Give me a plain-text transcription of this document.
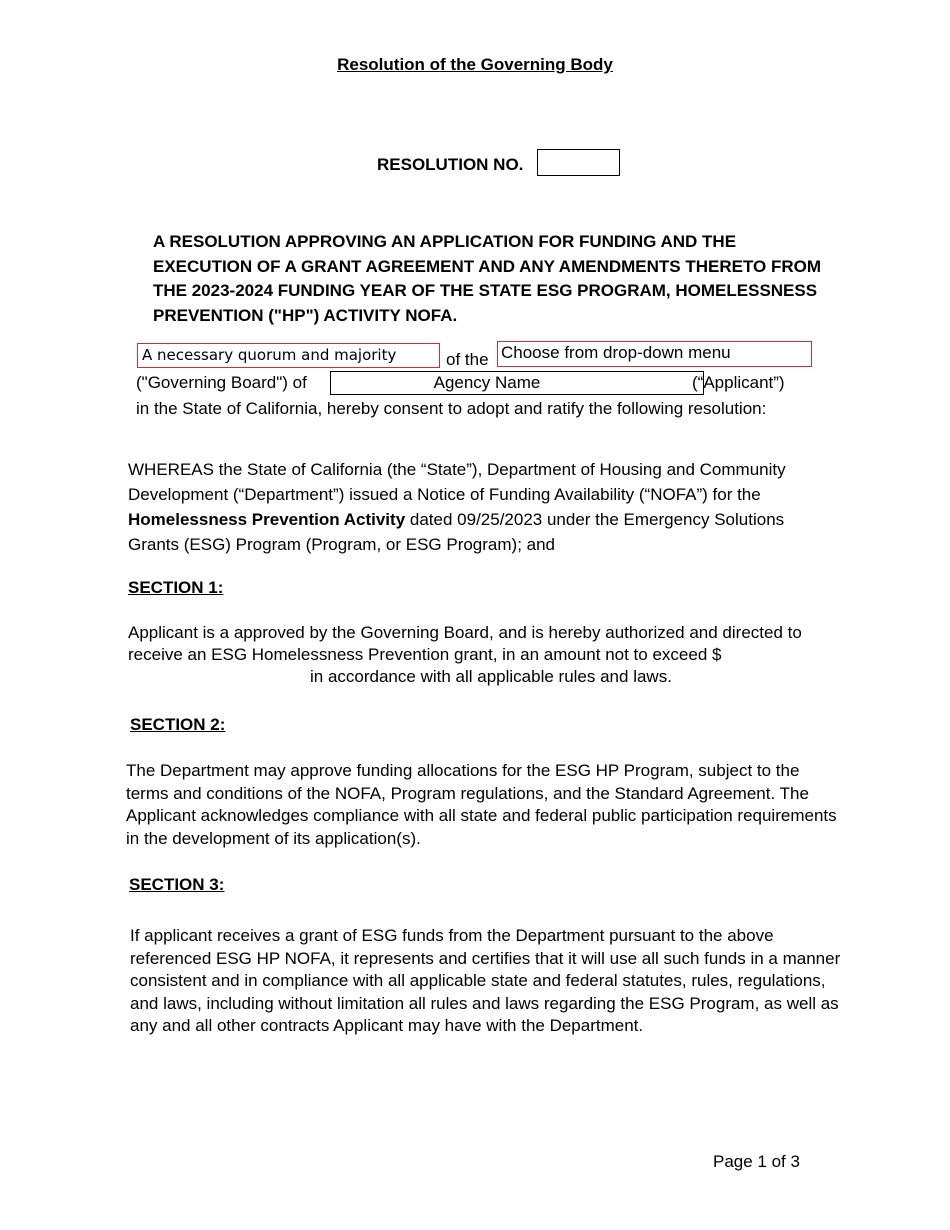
Resolution of the Governing Body
RESOLUTION NO.
A RESOLUTION APPROVING AN APPLICATION FOR FUNDING AND THE EXECUTION OF A GRANT AGREEMENT AND ANY AMENDMENTS THERETO FROM THE 2023-2024 FUNDING YEAR OF THE STATE ESG PROGRAM, HOMELESSNESS PREVENTION ("HP") ACTIVITY NOFA.
A necessary quorum and majority	of the Choose from drop-down menu
("Governing Board") of	Agency Name	(“Applicant”)
in the State of California, hereby consent to adopt and ratify the following resolution:
WHEREAS the State of California (the “State”), Department of Housing and Community Development (“Department”) issued a Notice of Funding Availability (“NOFA”) for the Homelessness Prevention Activity dated 09/25/2023 under the Emergency Solutions Grants (ESG) Program (Program, or ESG Program); and
SECTION 1:
Applicant is a approved by the Governing Board, and is hereby authorized and directed to receive an ESG Homelessness Prevention grant, in an amount not to exceed $in accordance with all applicable rules and laws.
SECTION 2:
The Department may approve funding allocations for the ESG HP Program, subject to the terms and conditions of the NOFA, Program regulations, and the Standard Agreement. The Applicant acknowledges compliance with all state and federal public participation requirements in the development of its application(s).
SECTION 3:
If applicant receives a grant of ESG funds from the Department pursuant to the above referenced ESG HP NOFA, it represents and certifies that it will use all such funds in a manner consistent and in compliance with all applicable state and federal statutes, rules, regulations, and laws, including without limitation all rules and laws regarding the ESG Program, as well as any and all other contracts Applicant may have with the Department.
Page 1 of 3
